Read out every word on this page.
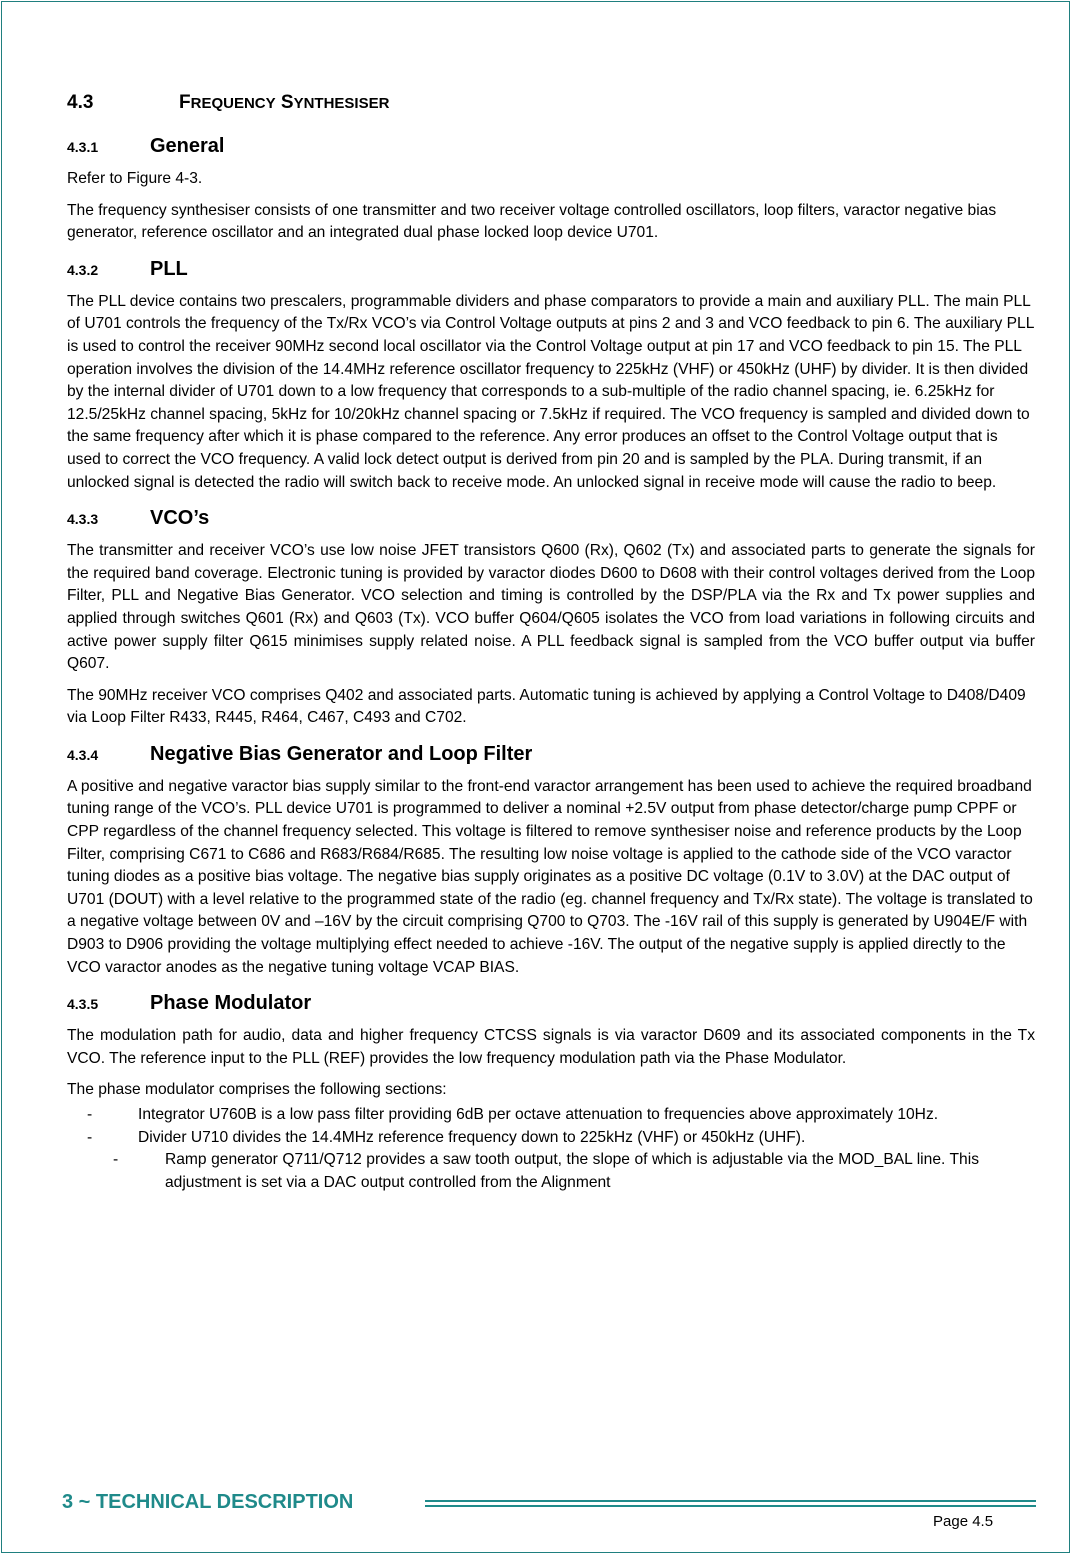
4.3	FREQUENCY SYNTHESISER
4.3.1	General

Refer to Figure 4-3.

The frequency synthesiser consists of one transmitter and two receiver voltage controlled oscillators, loop filters, varactor negative bias generator, reference oscillator and an integrated dual phase locked loop device U701.

4.3.2	PLL

The PLL device contains two prescalers, programmable dividers and phase comparators to provide a main and auxiliary PLL. The main PLL of U701 controls the frequency of the Tx/Rx VCO’s via Control Voltage outputs at pins 2 and 3 and VCO feedback to pin 6. The auxiliary PLL is used to control the receiver 90MHz second local oscillator via the Control Voltage output at pin 17 and VCO feedback to pin 15. The PLL operation involves the division of the 14.4MHz reference oscillator frequency to 225kHz (VHF) or 450kHz (UHF) by divider. It is then divided by the internal divider of U701 down to a low frequency that corresponds to a sub-multiple of the radio channel spacing, ie. 6.25kHz for 12.5/25kHz channel spacing, 5kHz for 10/20kHz channel spacing or 7.5kHz if required. The VCO frequency is sampled and divided down to the same frequency after which it is phase compared to the reference. Any error produces an offset to the Control Voltage output that is used to correct the VCO frequency. A valid lock detect output is derived from pin 20 and is sampled by the PLA. During transmit, if an unlocked signal is detected the radio will switch back to receive mode. An unlocked signal in receive mode will cause the radio to beep.

4.3.3	VCO’s

The transmitter and receiver VCO’s use low noise JFET transistors Q600 (Rx), Q602 (Tx) and associated parts to generate the signals for the required band coverage. Electronic tuning is provided by varactor diodes D600 to D608 with their control voltages derived from the Loop Filter, PLL and Negative Bias Generator. VCO selection and timing is controlled by the DSP/PLA via the Rx and Tx power supplies and applied through switches Q601 (Rx) and Q603 (Tx). VCO buffer Q604/Q605 isolates the VCO from load variations in following circuits and active power supply filter Q615 minimises supply related noise. A PLL feedback signal is sampled from the VCO buffer output via buffer Q607.

The 90MHz receiver VCO comprises Q402 and associated parts. Automatic tuning is achieved by applying a Control Voltage to D408/D409 via Loop Filter R433, R445, R464, C467, C493 and C702.

4.3.4	Negative Bias Generator and Loop Filter

A positive and negative varactor bias supply similar to the front-end varactor arrangement has been used to achieve the required broadband tuning range of the VCO’s. PLL device U701 is programmed to deliver a nominal +2.5V output from phase detector/charge pump CPPF or CPP regardless of the channel frequency selected. This voltage is filtered to remove synthesiser noise and reference products by the Loop Filter, comprising C671 to C686 and R683/R684/R685. The resulting low noise voltage is applied to the cathode side of the VCO varactor tuning diodes as a positive bias voltage. The negative bias supply originates as a positive DC voltage (0.1V to 3.0V) at the DAC output of U701 (DOUT) with a level relative to the programmed state of the radio (eg. channel frequency and Tx/Rx state). The voltage is translated to a negative voltage between 0V and –16V by the circuit comprising Q700 to Q703. The -16V rail of this supply is generated by U904E/F with D903 to D906 providing the voltage multiplying effect needed to achieve -16V. The output of the negative supply is applied directly to the VCO varactor anodes as the negative tuning voltage VCAP BIAS.

4.3.5	Phase Modulator

The modulation path for audio, data and higher frequency CTCSS signals is via varactor D609 and its associated components in the Tx VCO. The reference input to the PLL (REF) provides the low frequency modulation path via the Phase Modulator.

The phase modulator comprises the following sections:

-	Integrator U760B is a low pass filter providing 6dB per octave attenuation to frequencies above approximately 10Hz.
-	Divider U710 divides the 14.4MHz reference frequency down to 225kHz (VHF) or 450kHz (UHF).
-	Ramp generator Q711/Q712 provides a saw tooth output, the slope of which is adjustable via the MOD_BAL line. This adjustment is set via a DAC output controlled from the Alignment
3 ~ TECHNICAL DESCRIPTION
Page 4.5
